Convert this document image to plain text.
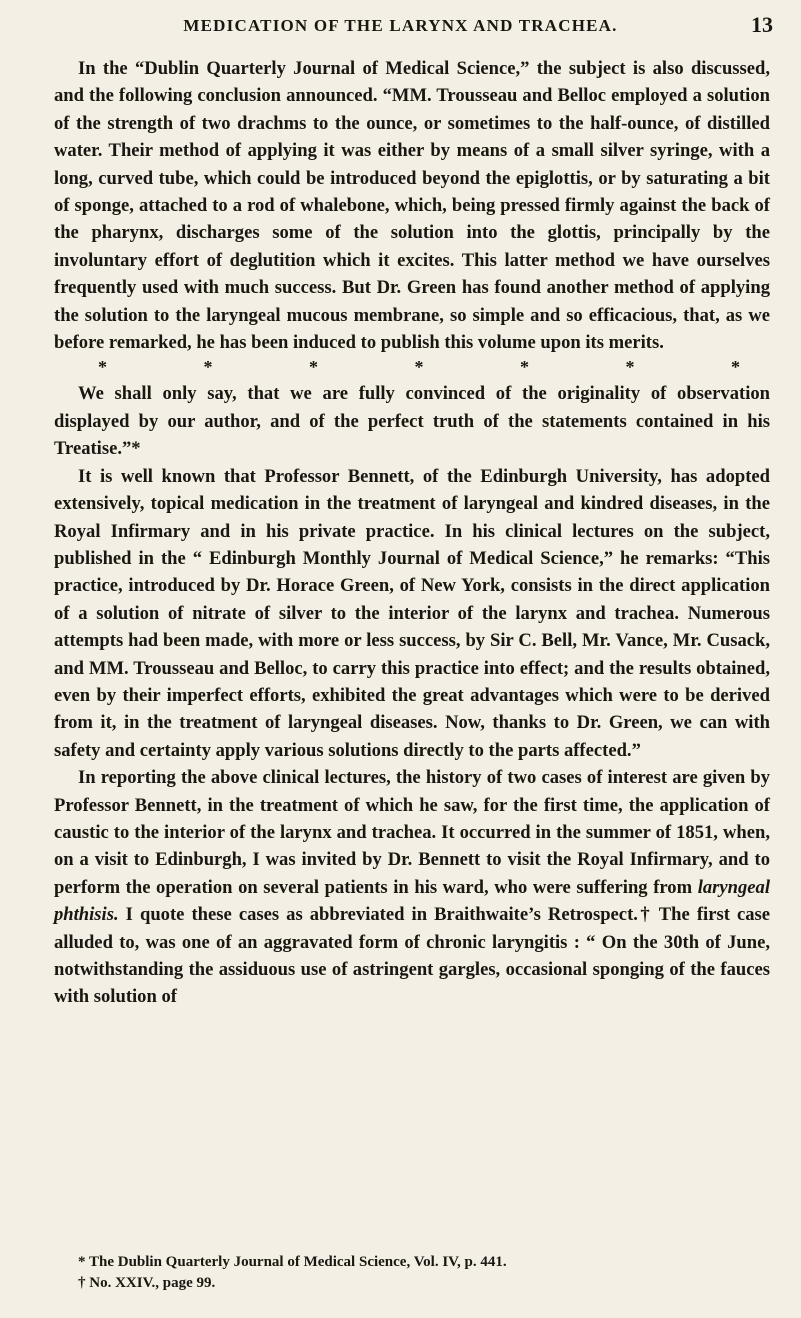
MEDICATION OF THE LARYNX AND TRACHEA.	13

In the “Dublin Quarterly Journal of Medical Science,” the subject is also discussed, and the following conclusion announced. “MM. Trousseau and Belloc employed a solution of the strength of two drachms to the ounce, or sometimes to the half-ounce, of distilled water. Their method of applying it was either by means of a small silver syringe, with a long, curved tube, which could be introduced beyond the epiglottis, or by saturating a bit of sponge, attached to a rod of whalebone, which, being pressed firmly against the back of the pharynx, discharges some of the solution into the glottis, principally by the involuntary effort of deglutition which it excites. This latter method we have ourselves frequently used with much success. But Dr. Green has found another method of applying the solution to the laryngeal mucous membrane, so simple and so efficacious, that, as we before remarked, he has been induced to publish this volume upon its merits.

*	*	*	*	*	*	*

We shall only say, that we are fully convinced of the originality of observation displayed by our author, and of the perfect truth of the statements contained in his Treatise.”*

It is well known that Professor Bennett, of the Edinburgh University, has adopted extensively, topical medication in the treatment of laryngeal and kindred diseases, in the Royal Infirmary and in his private practice. In his clinical lectures on the subject, published in the “ Edinburgh Monthly Journal of Medical Science,” he remarks: “This practice, introduced by Dr. Horace Green, of New York, consists in the direct application of a solution of nitrate of silver to the interior of the larynx and trachea. Numerous attempts had been made, with more or less success, by Sir C. Bell, Mr. Vance, Mr. Cusack, and MM. Trousseau and Belloc, to carry this practice into effect; and the results obtained, even by their imperfect efforts, exhibited the great advantages which were to be derived from it, in the treatment of laryngeal diseases. Now, thanks to Dr. Green, we can with safety and certainty apply various solutions directly to the parts affected.”

In reporting the above clinical lectures, the history of two cases of interest are given by Professor Bennett, in the treatment of which he saw, for the first time, the application of caustic to the interior of the larynx and trachea. It occurred in the summer of 1851, when, on a visit to Edinburgh, I was invited by Dr. Bennett to visit the Royal Infirmary, and to perform the operation on several patients in his ward, who were suffering from laryngeal phthisis. I quote these cases as abbreviated in Braithwaite’s Retrospect.† The first case alluded to, was one of an aggravated form of chronic laryngitis : “ On the 30th of June, notwithstanding the assiduous use of astringent gargles, occasional sponging of the fauces with solution of

* The Dublin Quarterly Journal of Medical Science, Vol. IV, p. 441.
† No. XXIV., page 99.
